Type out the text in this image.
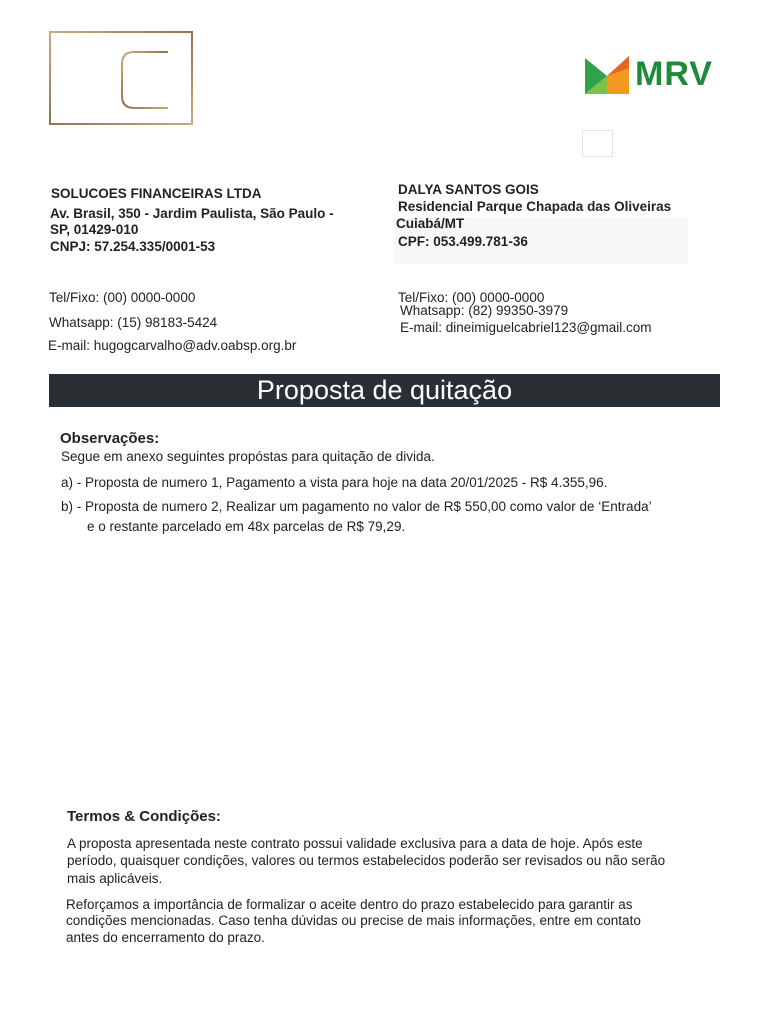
MRV
SOLUCOES FINANCEIRAS LTDA
Av. Brasil, 350 - Jardim Paulista, São Paulo -
SP, 01429-010
CNPJ: 57.254.335/0001-53
DALYA SANTOS GOIS
Residencial Parque Chapada das Oliveiras
Cuiabá/MT
CPF: 053.499.781-36
Tel/Fixo: (00) 0000-0000
Whatsapp: (15) 98183-5424
E-mail: hugogcarvalho@adv.oabsp.org.br
Tel/Fixo: (00) 0000-0000
Whatsapp: (82) 99350-3979
E-mail: dineimiguelcabriel123@gmail.com
Proposta de quitação
Observações:
Segue em anexo seguintes propóstas para quitação de divida.
a) - Proposta de numero 1, Pagamento a vista para hoje na data 20/01/2025 - R$ 4.355,96.
b) - Proposta de numero 2, Realizar um pagamento no valor de R$ 550,00 como valor de ‘Entrada’
e o restante parcelado em 48x parcelas de R$ 79,29.
Termos & Condições:
A proposta apresentada neste contrato possui validade exclusiva para a data de hoje. Após este
período, quaisquer condições, valores ou termos estabelecidos poderão ser revisados ou não serão
mais aplicáveis.
Reforçamos a importância de formalizar o aceite dentro do prazo estabelecido para garantir as
condições mencionadas. Caso tenha dúvidas ou precise de mais informações, entre em contato
antes do encerramento do prazo.
